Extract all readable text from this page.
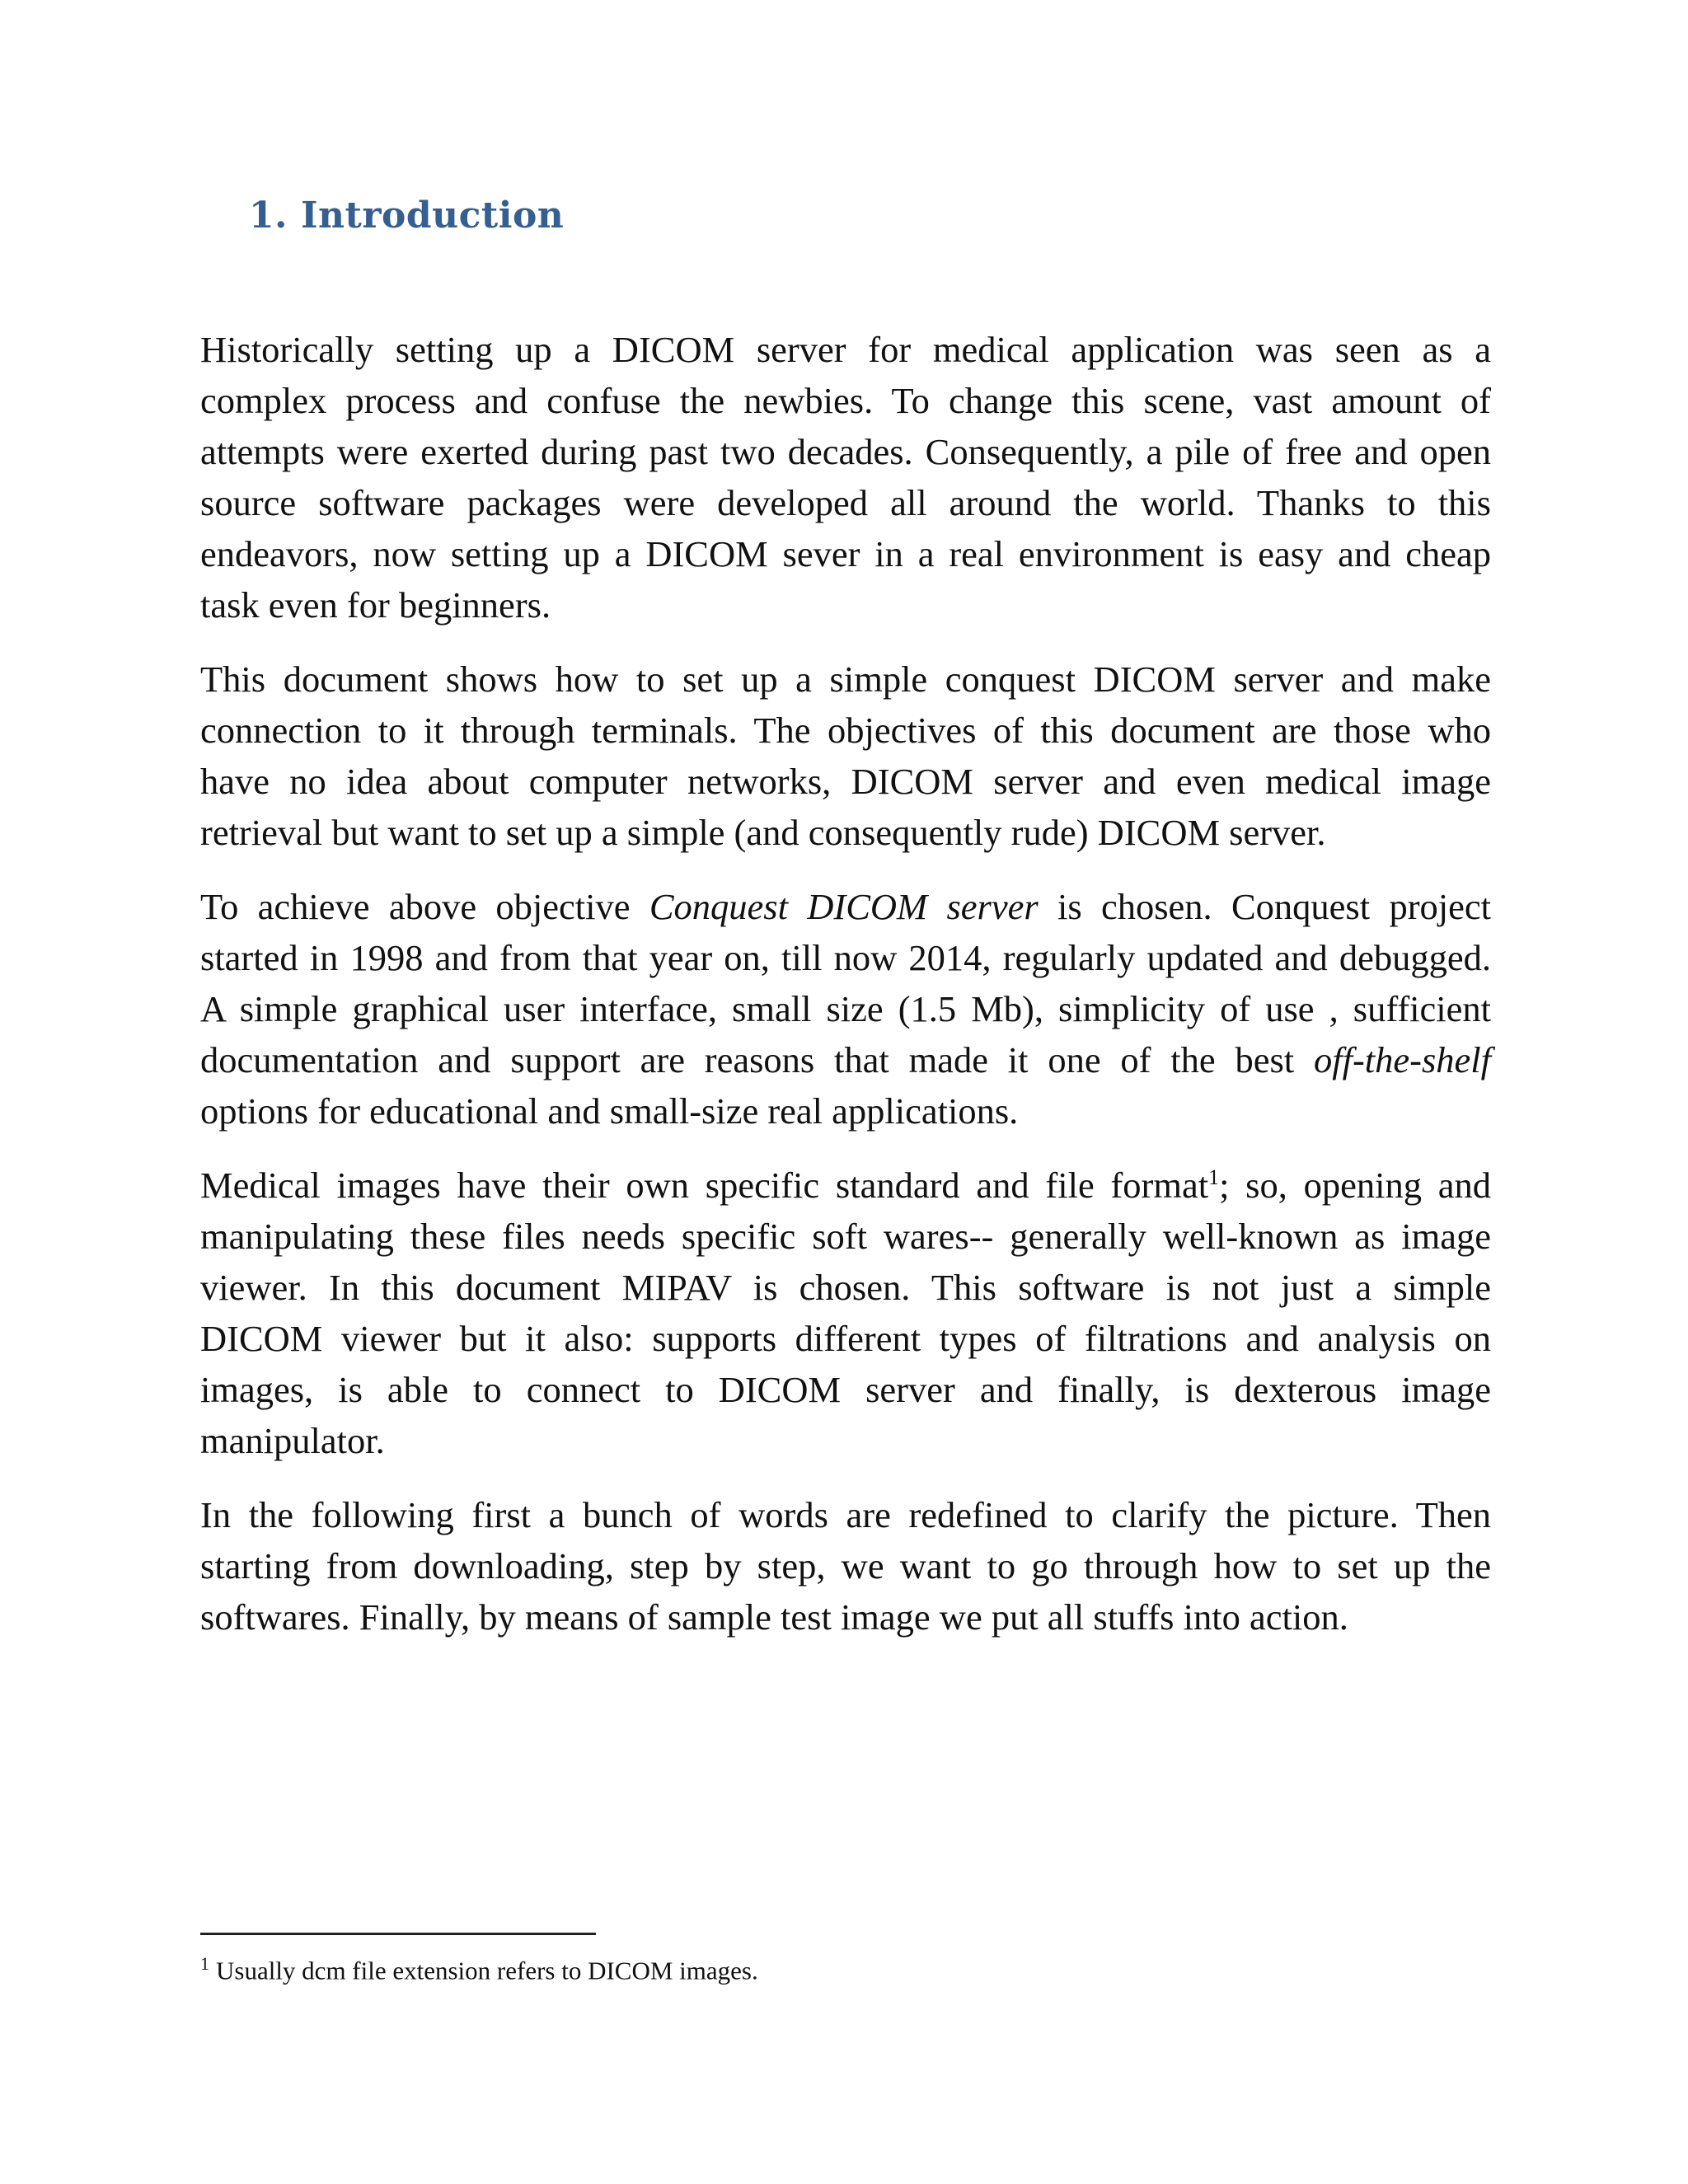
1. Introduction

Historically setting up a DICOM server for medical application was seen as a
complex process and confuse the newbies. To change this scene, vast amount of
attempts were exerted during past two decades. Consequently, a pile of free and open
source software packages were developed all around the world. Thanks to this
endeavors, now setting up a DICOM sever in a real environment is easy and cheap
task even for beginners.

This document shows how to set up a simple conquest DICOM server and make
connection to it through terminals. The objectives of this document are those who
have no idea about computer networks, DICOM server and even medical image
retrieval but want to set up a simple (and consequently rude) DICOM server.

To achieve above objective Conquest DICOM server is chosen. Conquest project
started in 1998 and from that year on, till now 2014, regularly updated and debugged.
A simple graphical user interface, small size (1.5 Mb), simplicity of use , sufficient
documentation and support are reasons that made it one of the best off-the-shelf
options for educational and small-size real applications.

Medical images have their own specific standard and file format$^1$; so, opening and
manipulating these files needs specific soft wares-- generally well-known as image
viewer. In this document MIPAV is chosen. This software is not just a simple
DICOM viewer but it also: supports different types of filtrations and analysis on
images, is able to connect to DICOM server and finally, is dexterous image
manipulator.

In the following first a bunch of words are redefined to clarify the picture. Then
starting from downloading, step by step, we want to go through how to set up the
softwares. Finally, by means of sample test image we put all stuffs into action.

$^1$ Usually dcm file extension refers to DICOM images.
